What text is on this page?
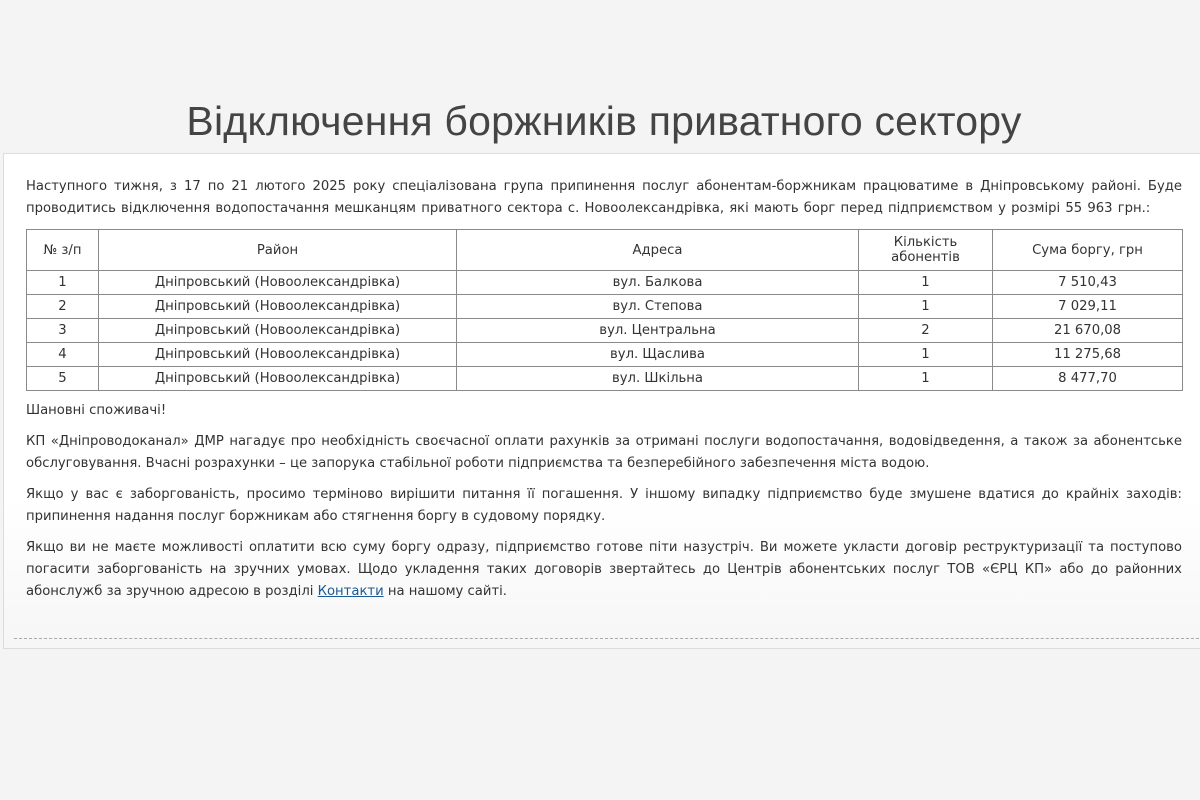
Відключення боржників приватного сектору

Наступного тижня, з 17 по 21 лютого 2025 року спеціалізована група припинення послуг абонентам-боржникам працюватиме в Дніпровському районі. Буде проводитись відключення водопостачання мешканцям приватного сектора с. Новоолександрівка, які мають борг перед підприємством у розмірі 55 963 грн.:

№ з/п	Район	Адреса	Кількість абонентів	Сума боргу, грн
1	Дніпровський (Новоолександрівка)	вул. Балкова	1	7 510,43
2	Дніпровський (Новоолександрівка)	вул. Степова	1	7 029,11
3	Дніпровський (Новоолександрівка)	вул. Центральна	2	21 670,08
4	Дніпровський (Новоолександрівка)	вул. Щаслива	1	11 275,68
5	Дніпровський (Новоолександрівка)	вул. Шкільна	1	8 477,70

Шановні споживачі!

КП «Дніпроводоканал» ДМР нагадує про необхідність своєчасної оплати рахунків за отримані послуги водопостачання, водовідведення, а також за абонентське обслуговування. Вчасні розрахунки – це запорука стабільної роботи підприємства та безперебійного забезпечення міста водою.

Якщо у вас є заборгованість, просимо терміново вирішити питання її погашення. У іншому випадку підприємство буде змушене вдатися до крайніх заходів: припинення надання послуг боржникам або стягнення боргу в судовому порядку.

Якщо ви не маєте можливості оплатити всю суму боргу одразу, підприємство готове піти назустріч. Ви можете укласти договір реструктуризації та поступово погасити заборгованість на зручних умовах. Щодо укладення таких договорів звертайтесь до Центрів абонентських послуг ТОВ «ЄРЦ КП» або до районних абонслужб за зручною адресою в розділі Контакти на нашому сайті.
